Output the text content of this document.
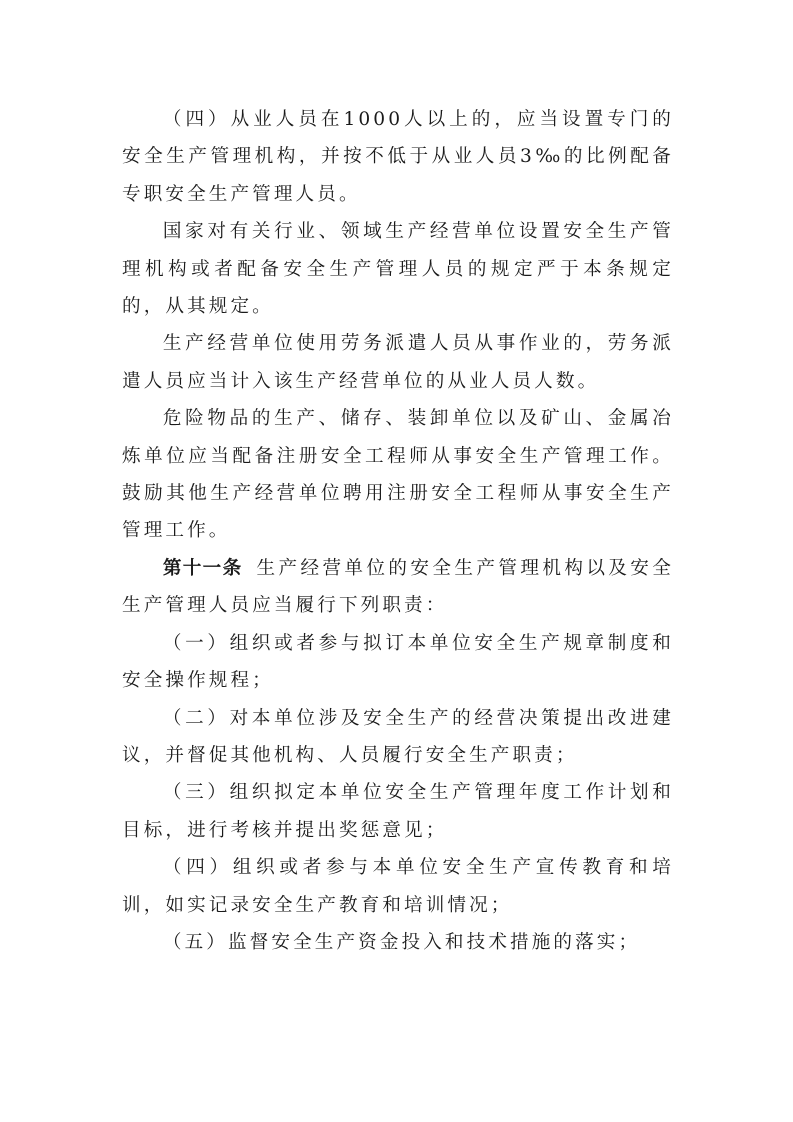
（四）从业人员在1000人以上的，应当设置专门的安全生产管理机构，并按不低于从业人员3‰的比例配备专职安全生产管理人员。

国家对有关行业、领域生产经营单位设置安全生产管理机构或者配备安全生产管理人员的规定严于本条规定的，从其规定。

生产经营单位使用劳务派遣人员从事作业的，劳务派遣人员应当计入该生产经营单位的从业人员人数。

危险物品的生产、储存、装卸单位以及矿山、金属冶炼单位应当配备注册安全工程师从事安全生产管理工作。鼓励其他生产经营单位聘用注册安全工程师从事安全生产管理工作。

第十一条 生产经营单位的安全生产管理机构以及安全生产管理人员应当履行下列职责：

（一）组织或者参与拟订本单位安全生产规章制度和安全操作规程；

（二）对本单位涉及安全生产的经营决策提出改进建议，并督促其他机构、人员履行安全生产职责；

（三）组织拟定本单位安全生产管理年度工作计划和目标，进行考核并提出奖惩意见；

（四）组织或者参与本单位安全生产宣传教育和培训，如实记录安全生产教育和培训情况；

（五）监督安全生产资金投入和技术措施的落实；
